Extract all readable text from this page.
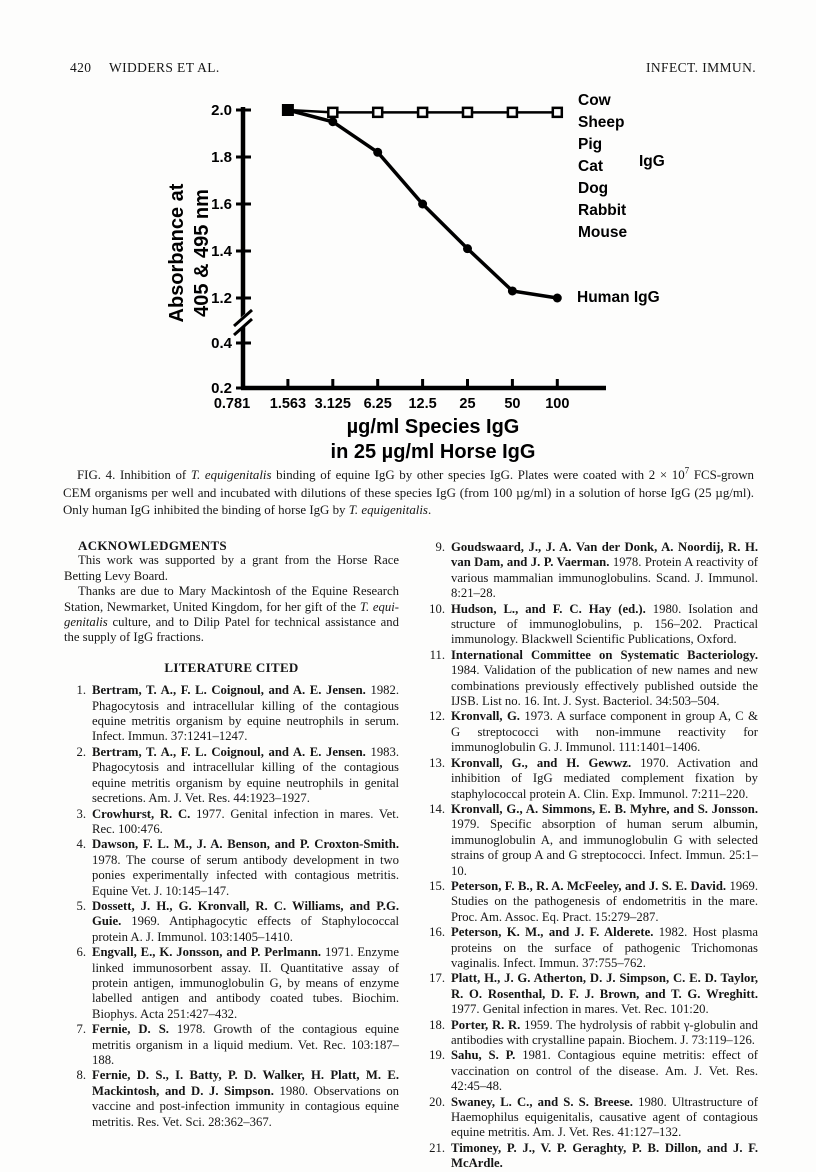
420 WIDDERS ET AL.	INFECT. IMMUN.
2.0
1.8
1.6
1.4
1.2
0.4
0.2
0.781 1.563 3.125 6.25 12.5 25 50 100
Absorbance at 405 & 495 nm
µg/ml Species IgG
in 25 µg/ml Horse IgG
Cow
Sheep
Pig
Cat
Dog
Rabbit
Mouse
IgG
Human IgG
FIG. 4. Inhibition of T. equigenitalis binding of equine IgG by other species IgG. Plates were coated with $2 \times 10^7$ FCS-grown CEM organisms per well and incubated with dilutions of these species IgG (from 100 µg/ml) in a solution of horse IgG (25 µg/ml). Only human IgG inhibited the binding of horse IgG by T. equigenitalis.

ACKNOWLEDGMENTS

This work was supported by a grant from the Horse Race Betting Levy Board.

Thanks are due to Mary Mackintosh of the Equine Research Station, Newmarket, United Kingdom, for her gift of the T. equi-genitalis culture, and to Dilip Patel for technical assistance and the supply of IgG fractions.

LITERATURE CITED

1. Bertram, T. A., F. L. Coignoul, and A. E. Jensen. 1982. Phagocytosis and intracellular killing of the contagious equine metritis organism by equine neutrophils in serum. Infect. Immun. 37:1241–1247.
2. Bertram, T. A., F. L. Coignoul, and A. E. Jensen. 1983. Phagocytosis and intracellular killing of the contagious equine metritis organism by equine neutrophils in genital secretions. Am. J. Vet. Res. 44:1923–1927.
3. Crowhurst, R. C. 1977. Genital infection in mares. Vet. Rec. 100:476.
4. Dawson, F. L. M., J. A. Benson, and P. Croxton-Smith. 1978. The course of serum antibody development in two ponies experimentally infected with contagious metritis. Equine Vet. J. 10:145–147.
5. Dossett, J. H., G. Kronvall, R. C. Williams, and P.G. Guie. 1969. Antiphagocytic effects of Staphylococcal protein A. J. Immunol. 103:1405–1410.
6. Engvall, E., K. Jonsson, and P. Perlmann. 1971. Enzyme linked immunosorbent assay. II. Quantitative assay of protein antigen, immunoglobulin G, by means of enzyme labelled antigen and antibody coated tubes. Biochim. Biophys. Acta 251:427–432.
7. Fernie, D. S. 1978. Growth of the contagious equine metritis organism in a liquid medium. Vet. Rec. 103:187–188.
8. Fernie, D. S., I. Batty, P. D. Walker, H. Platt, M. E. Mackintosh, and D. J. Simpson. 1980. Observations on vaccine and post-infection immunity in contagious equine metritis. Res. Vet. Sci. 28:362–367.
9. Goudswaard, J., J. A. Van der Donk, A. Noordij, R. H. van Dam, and J. P. Vaerman. 1978. Protein A reactivity of various mammalian immunoglobulins. Scand. J. Immunol. 8:21–28.
10. Hudson, L., and F. C. Hay (ed.). 1980. Isolation and structure of immunoglobulins, p. 156–202. Practical immunology. Blackwell Scientific Publications, Oxford.
11. International Committee on Systematic Bacteriology. 1984. Validation of the publication of new names and new combinations previously effectively published outside the IJSB. List no. 16. Int. J. Syst. Bacteriol. 34:503–504.
12. Kronvall, G. 1973. A surface component in group A, C & G streptococci with non-immune reactivity for immunoglobulin G. J. Immunol. 111:1401–1406.
13. Kronvall, G., and H. Gewwz. 1970. Activation and inhibition of IgG mediated complement fixation by staphylococcal protein A. Clin. Exp. Immunol. 7:211–220.
14. Kronvall, G., A. Simmons, E. B. Myhre, and S. Jonsson. 1979. Specific absorption of human serum albumin, immunoglobulin A, and immunoglobulin G with selected strains of group A and G streptococci. Infect. Immun. 25:1–10.
15. Peterson, F. B., R. A. McFeeley, and J. S. E. David. 1969. Studies on the pathogenesis of endometritis in the mare. Proc. Am. Assoc. Eq. Pract. 15:279–287.
16. Peterson, K. M., and J. F. Alderete. 1982. Host plasma proteins on the surface of pathogenic Trichomonas vaginalis. Infect. Immun. 37:755–762.
17. Platt, H., J. G. Atherton, D. J. Simpson, C. E. D. Taylor, R. O. Rosenthal, D. F. J. Brown, and T. G. Wreghitt. 1977. Genital infection in mares. Vet. Rec. 101:20.
18. Porter, R. R. 1959. The hydrolysis of rabbit γ-globulin and antibodies with crystalline papain. Biochem. J. 73:119–126.
19. Sahu, S. P. 1981. Contagious equine metritis: effect of vaccination on control of the disease. Am. J. Vet. Res. 42:45–48.
20. Swaney, L. C., and S. S. Breese. 1980. Ultrastructure of Haemophilus equigenitalis, causative agent of contagious equine metritis. Am. J. Vet. Res. 41:127–132.
21. Timoney, P. J., V. P. Geraghty, P. B. Dillon, and J. F. McArdle.
